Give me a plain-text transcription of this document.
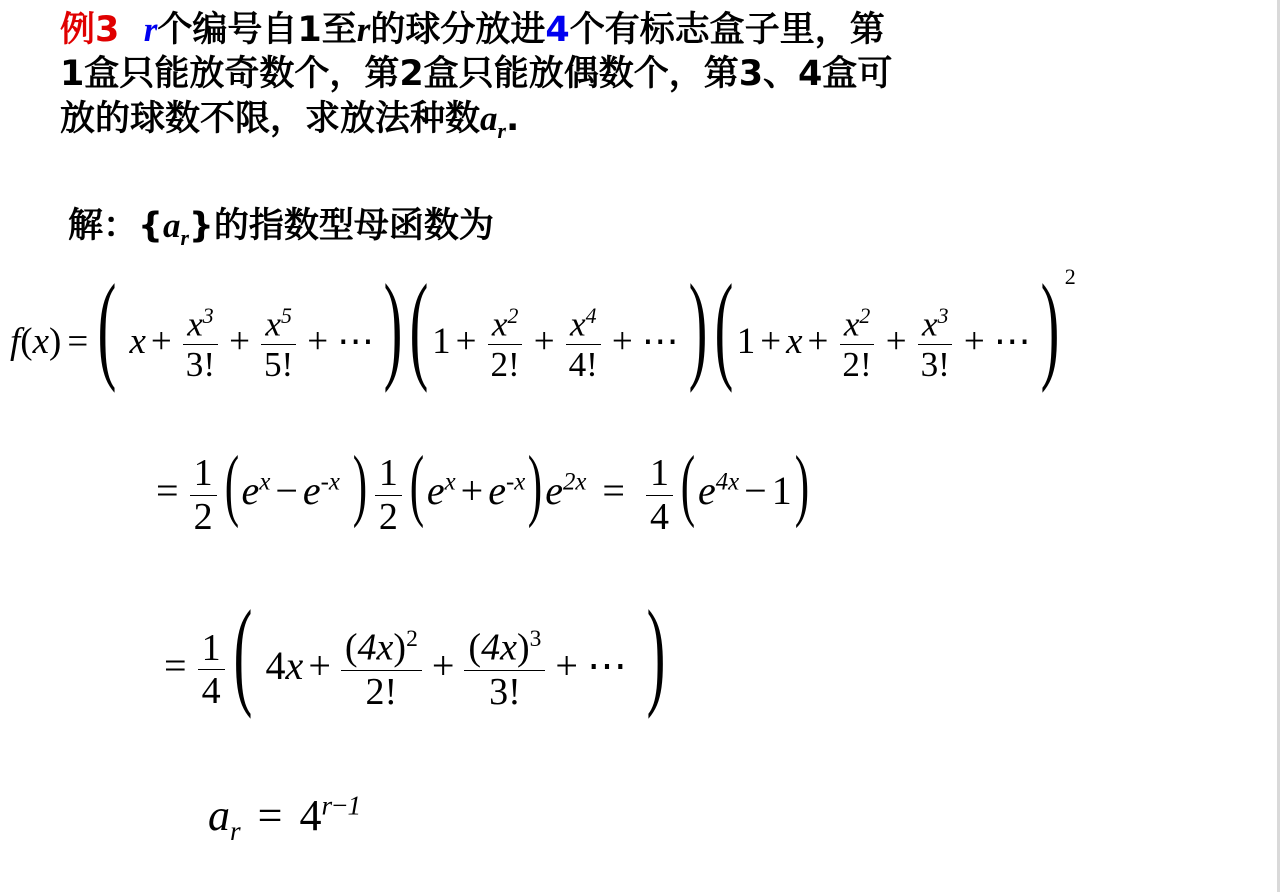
例3 r个编号自1至r的球分放进4个有标志盒子里，第
1盒只能放奇数个，第2盒只能放偶数个，第3、4盒可
放的球数不限，求放法种数$a_r$.
解：$\{a_r\}$的指数型母函数为
f(x) = ( $x + \frac{x^3}{3!} + \frac{x^5}{5!}$ + ⋯)(1 + $\frac{x^2}{2!} + \frac{x^4}{4!}$ + ⋯)(1 + $x + \frac{x^2}{2!} + \frac{x^3}{3!}$ + ⋯) $^2$
= $\frac{1}{2} (e^x - e^{-x}$ ) $\frac{1}{2} (e^x + e^{-x})e^{2x} = \frac{1}{4} (e^{4x} - 1)$
= $\frac{1}{4}$ ( $4x + \frac{(4x)^2}{2!} + \frac{(4x)^3}{3!}$ + ⋯ )
$a_r = 4^{r-1}$
